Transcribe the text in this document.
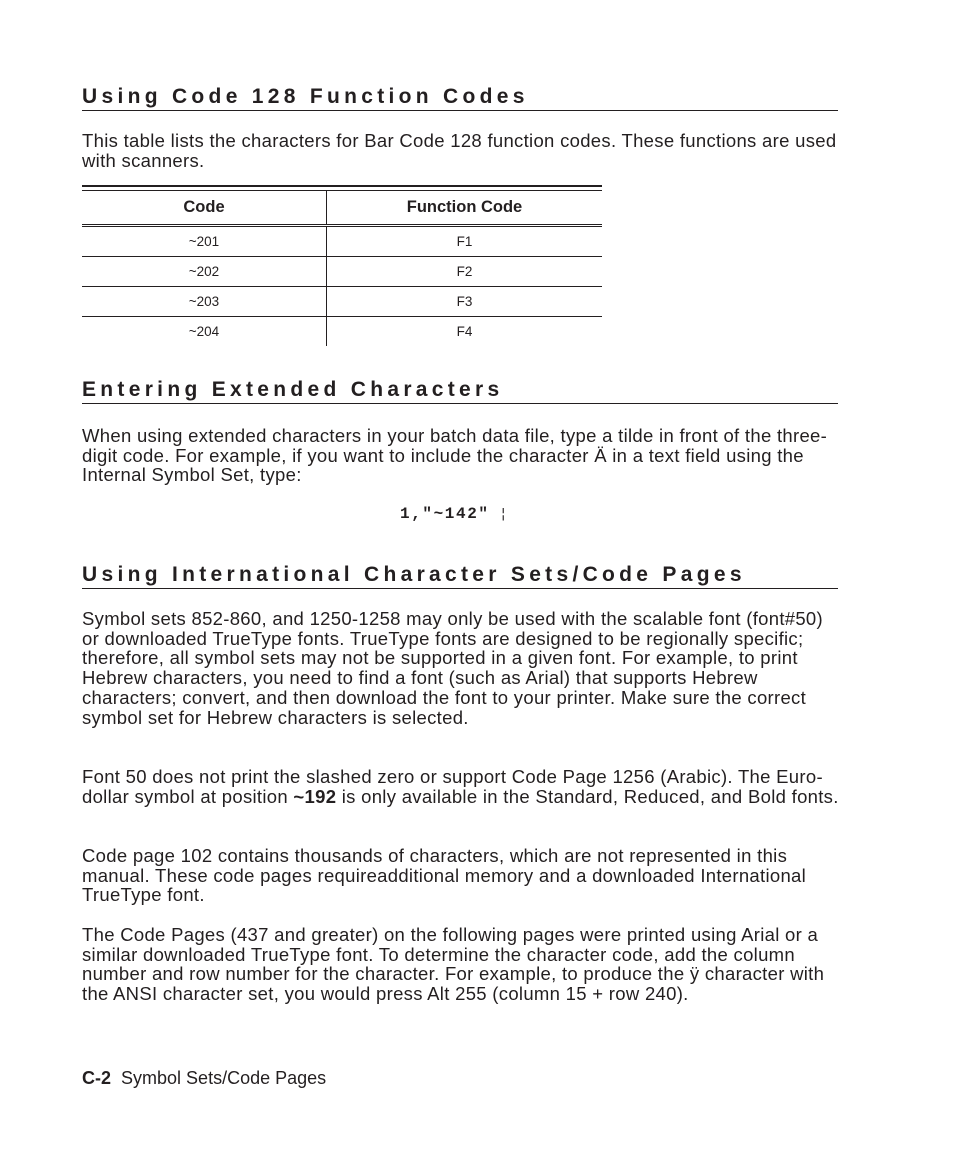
Using Code 128 Function Codes

This table lists the characters for Bar Code 128 function codes. These functions are used with scanners.

Code	Function Code
~201	F1
~202	F2
~203	F3
~204	F4
Entering Extended Characters

When using extended characters in your batch data file, type a tilde in front of the three-digit code. For example, if you want to include the character Ä in a text field using the Internal Symbol Set, type:

1,"~142" ¦

Using International Character Sets/Code Pages

Symbol sets 852-860, and 1250-1258 may only be used with the scalable font (font#50) or downloaded TrueType fonts. TrueType fonts are designed to be regionally specific; therefore, all symbol sets may not be supported in a given font. For example, to print Hebrew characters, you need to find a font (such as Arial) that supports Hebrew characters; convert, and then download the font to your printer. Make sure the correct symbol set for Hebrew characters is selected.

Font 50 does not print the slashed zero or support Code Page 1256 (Arabic). The Euro-dollar symbol at position ~192 is only available in the Standard, Reduced, and Bold fonts.

Code page 102 contains thousands of characters, which are not represented in this manual. These code pages requireadditional memory and a downloaded International TrueType font.

The Code Pages (437 and greater) on the following pages were printed using Arial or a similar downloaded TrueType font. To determine the character code, add the column number and row number for the character. For example, to produce the ÿ character with the ANSI character set, you would press Alt 255 (column 15 + row 240).

C-2 Symbol Sets/Code Pages
